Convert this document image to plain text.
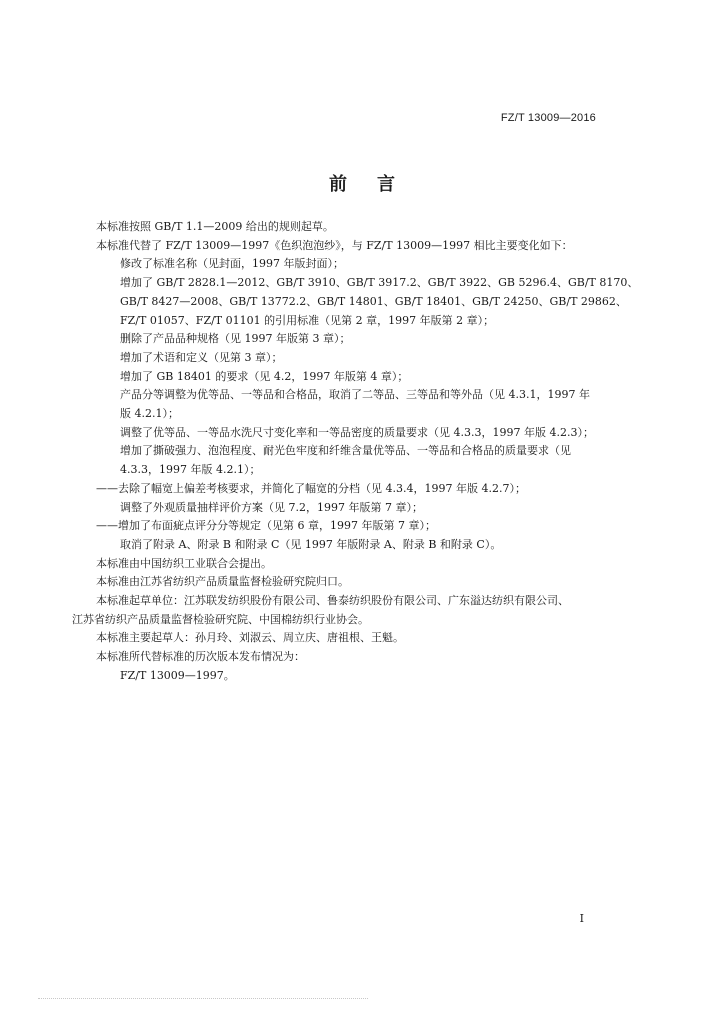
FZ/T 13009—2016
前言
本标准按照 GB/T 1.1—2009 给出的规则起草。
本标准代替了 FZ/T 13009—1997《色织泡泡纱》，与 FZ/T 13009—1997 相比主要变化如下：
修改了标准名称（见封面，1997 年版封面）；
增加了 GB/T 2828.1—2012、GB/T 3910、GB/T 3917.2、GB/T 3922、GB 5296.4、GB/T 8170、
GB/T 8427—2008、GB/T 13772.2、GB/T 14801、GB/T 18401、GB/T 24250、GB/T 29862、
FZ/T 01057、FZ/T 01101 的引用标准（见第 2 章，1997 年版第 2 章）；
删除了产品品种规格（见 1997 年版第 3 章）；
增加了术语和定义（见第 3 章）；
增加了 GB 18401 的要求（见 4.2，1997 年版第 4 章）；
产品分等调整为优等品、一等品和合格品，取消了二等品、三等品和等外品（见 4.3.1，1997 年
版 4.2.1）；
调整了优等品、一等品水洗尺寸变化率和一等品密度的质量要求（见 4.3.3，1997 年版 4.2.3）；
增加了撕破强力、泡泡程度、耐光色牢度和纤维含量优等品、一等品和合格品的质量要求（见
4.3.3，1997 年版 4.2.1）；
——去除了幅宽上偏差考核要求，并简化了幅宽的分档（见 4.3.4，1997 年版 4.2.7）；
调整了外观质量抽样评价方案（见 7.2，1997 年版第 7 章）；
——增加了布面疵点评分分等规定（见第 6 章，1997 年版第 7 章）；
取消了附录 A、附录 B 和附录 C（见 1997 年版附录 A、附录 B 和附录 C）。
本标准由中国纺织工业联合会提出。
本标准由江苏省纺织产品质量监督检验研究院归口。
本标准起草单位：江苏联发纺织股份有限公司、鲁泰纺织股份有限公司、广东溢达纺织有限公司、
江苏省纺织产品质量监督检验研究院、中国棉纺织行业协会。
本标准主要起草人：孙月玲、刘淑云、周立庆、唐祖根、王魁。
本标准所代替标准的历次版本发布情况为：
FZ/T 13009—1997。
I
